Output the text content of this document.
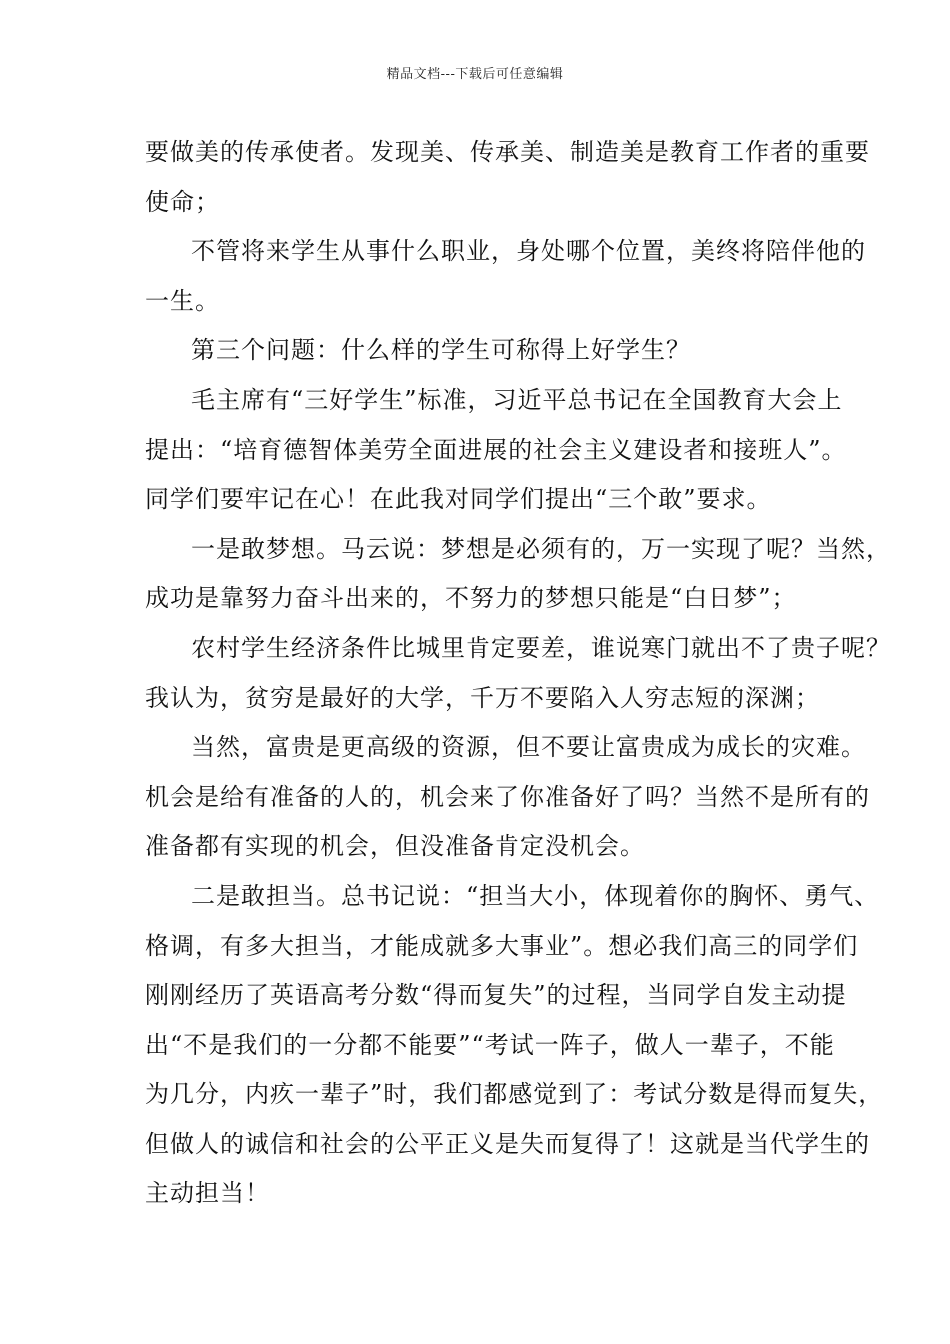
精品文档---下载后可任意编辑
要做美的传承使者。发现美、传承美、制造美是教育工作者的重要
使命；
不管将来学生从事什么职业，身处哪个位置，美终将陪伴他的
一生。
第三个问题：什么样的学生可称得上好学生？
毛主席有“三好学生”标准，习近平总书记在全国教育大会上
提出：“培育德智体美劳全面进展的社会主义建设者和接班人”。
同学们要牢记在心！在此我对同学们提出“三个敢”要求。
一是敢梦想。马云说：梦想是必须有的，万一实现了呢？当然，
成功是靠努力奋斗出来的，不努力的梦想只能是“白日梦”；
农村学生经济条件比城里肯定要差，谁说寒门就出不了贵子呢？
我认为，贫穷是最好的大学，千万不要陷入人穷志短的深渊；
当然，富贵是更高级的资源，但不要让富贵成为成长的灾难。
机会是给有准备的人的，机会来了你准备好了吗？当然不是所有的
准备都有实现的机会，但没准备肯定没机会。
二是敢担当。总书记说：“担当大小，体现着你的胸怀、勇气、
格调，有多大担当，才能成就多大事业”。想必我们高三的同学们
刚刚经历了英语高考分数“得而复失”的过程，当同学自发主动提
出“不是我们的一分都不能要”“考试一阵子，做人一辈子，不能
为几分，内疚一辈子”时，我们都感觉到了：考试分数是得而复失，
但做人的诚信和社会的公平正义是失而复得了！这就是当代学生的
主动担当！
